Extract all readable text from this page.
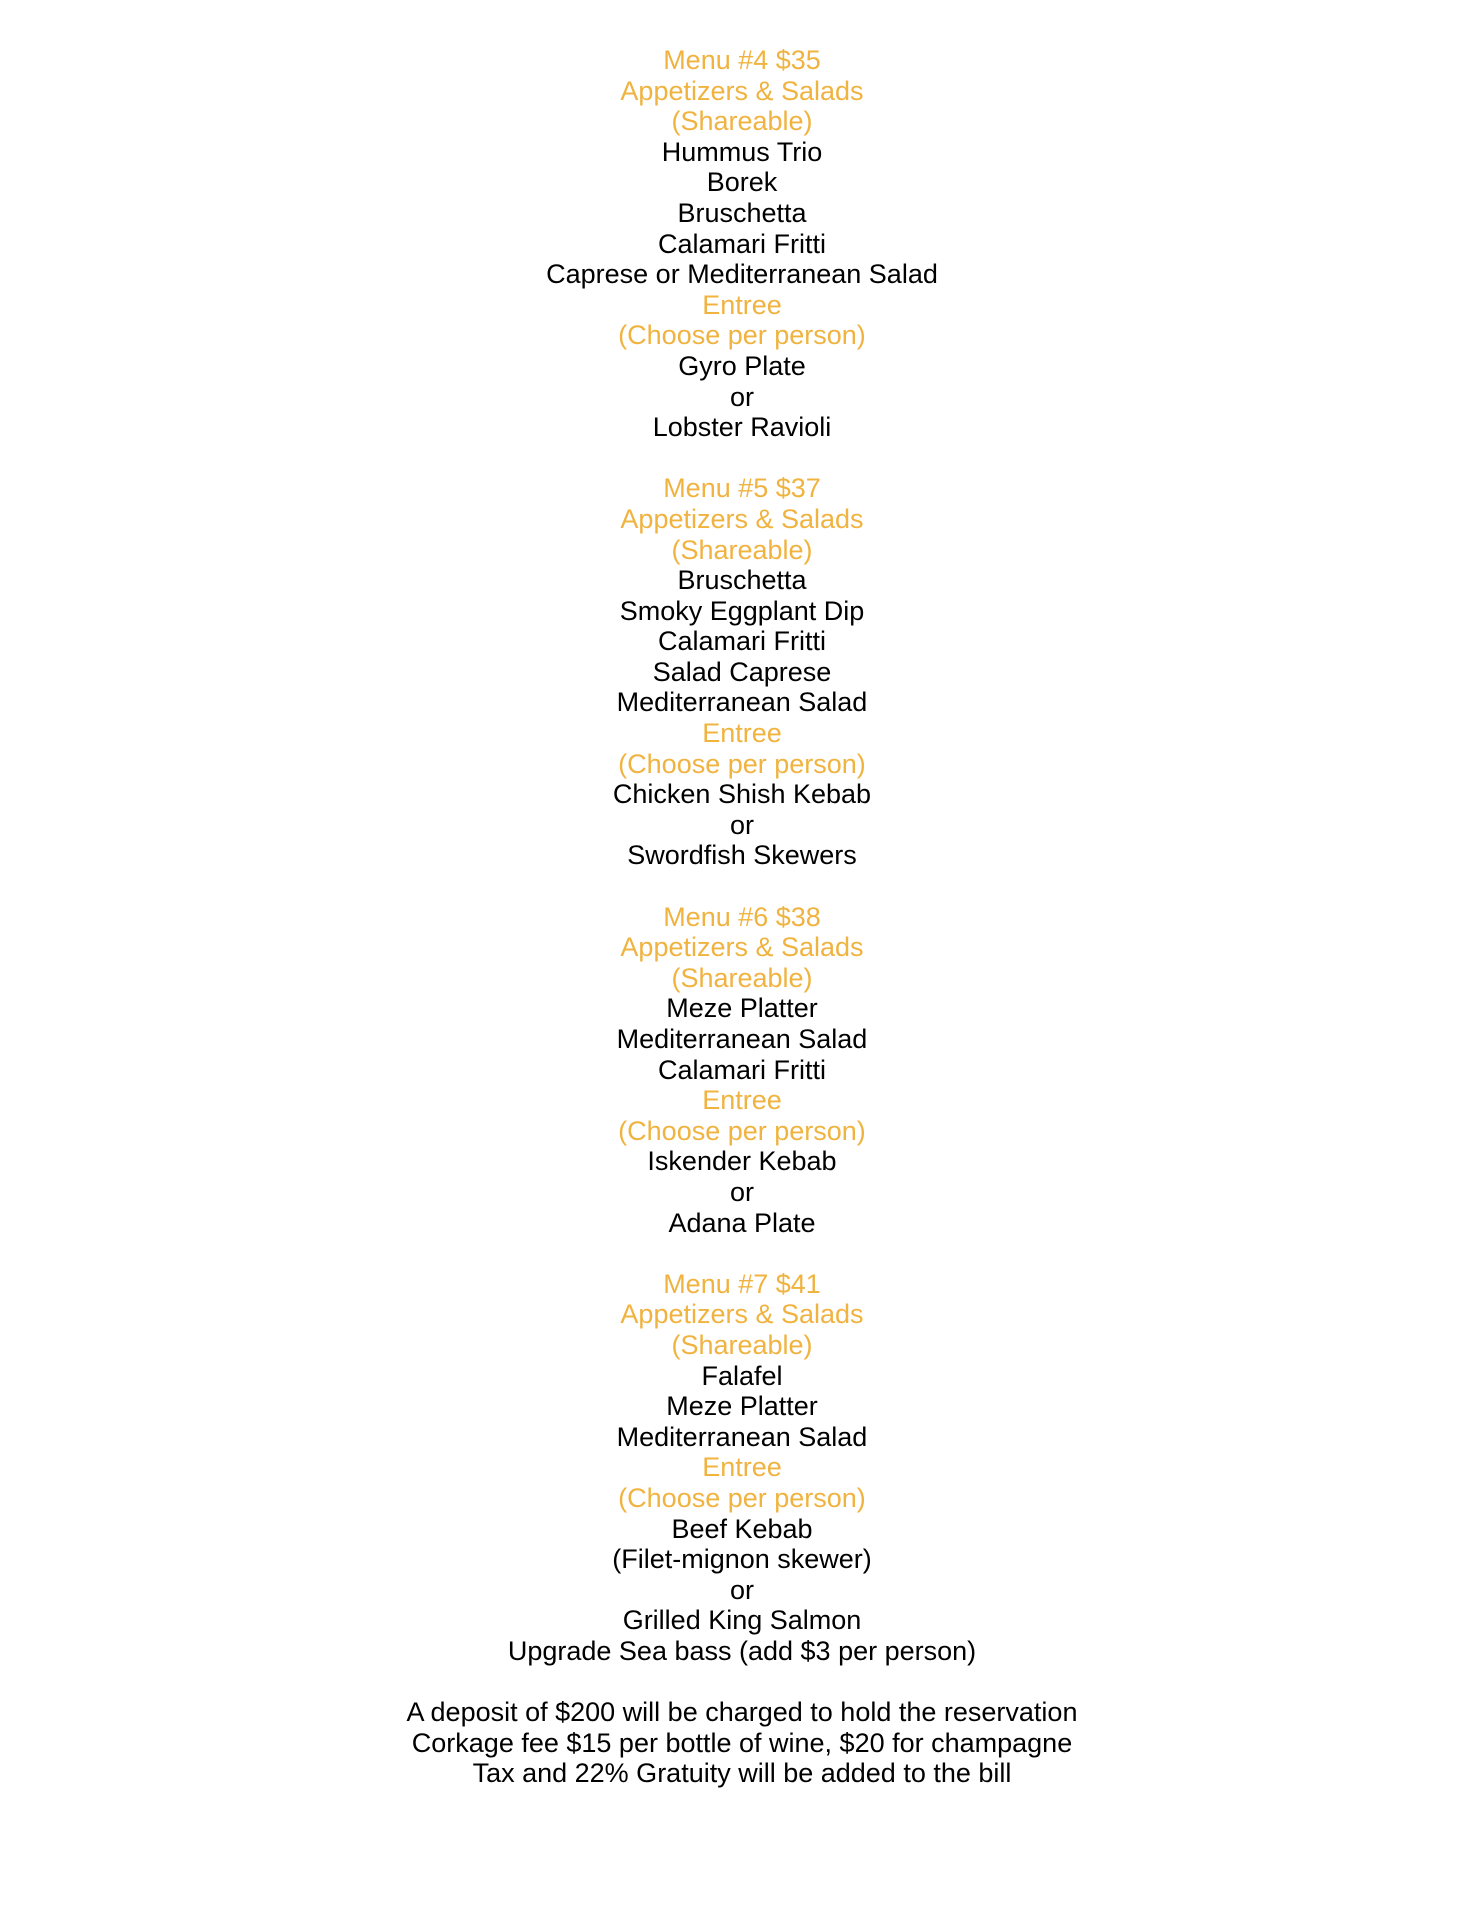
Menu #4 $35
Appetizers & Salads
(Shareable)
Hummus Trio
Borek
Bruschetta
Calamari Fritti
Caprese or Mediterranean Salad
Entree
(Choose per person)
Gyro Plate
or
Lobster Ravioli
Menu #5 $37
Appetizers & Salads
(Shareable)
Bruschetta
Smoky Eggplant Dip
Calamari Fritti
Salad Caprese
Mediterranean Salad
Entree
(Choose per person)
Chicken Shish Kebab
or
Swordfish Skewers
Menu #6 $38
Appetizers & Salads
(Shareable)
Meze Platter
Mediterranean Salad
Calamari Fritti
Entree
(Choose per person)
Iskender Kebab
or
Adana Plate
Menu #7 $41
Appetizers & Salads
(Shareable)
Falafel
Meze Platter
Mediterranean Salad
Entree
(Choose per person)
Beef Kebab
(Filet-mignon skewer)
or
Grilled King Salmon
Upgrade Sea bass (add $3 per person)
A deposit of $200 will be charged to hold the reservation
Corkage fee $15 per bottle of wine, $20 for champagne
Tax and 22% Gratuity will be added to the bill
